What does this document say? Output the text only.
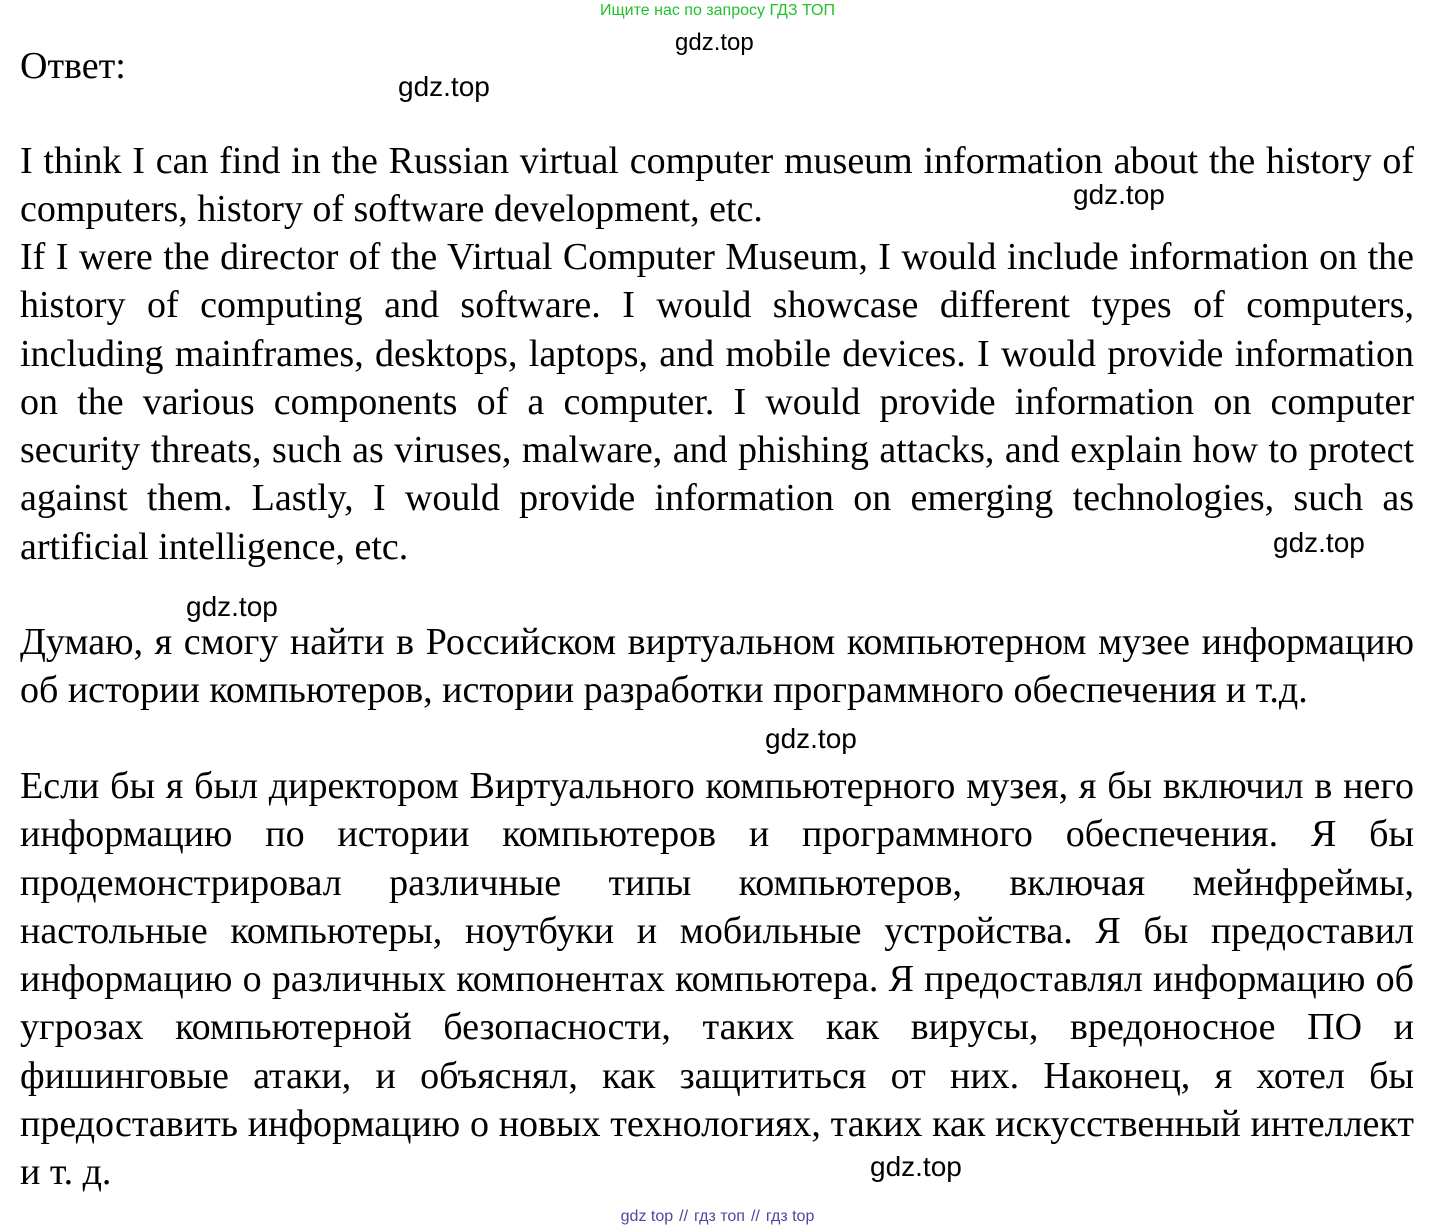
Ищите нас по запросу ГДЗ ТОП
Ответ:

I think I can find in the Russian virtual computer museum information about the history of computers, history of software development, etc.

If I were the director of the Virtual Computer Museum, I would include information on the history of computing and software. I would showcase different types of computers, including mainframes, desktops, laptops, and mobile devices. I would provide information on the various components of a computer. I would provide information on computer security threats, such as viruses, malware, and phishing attacks, and explain how to protect against them. Lastly, I would provide information on emerging technologies, such as artificial intelligence, etc.

Думаю, я смогу найти в Российском виртуальном компьютерном музее информацию об истории компьютеров, истории разработки программного обеспечения и т.д.

Если бы я был директором Виртуального компьютерного музея, я бы включил в него информацию по истории компьютеров и программного обеспечения. Я бы продемонстрировал различные типы компьютеров, включая мейнфреймы, настольные компьютеры, ноутбуки и мобильные устройства. Я бы предоставил информацию о различных компонентах компьютера. Я предоставлял информацию об угрозах компьютерной безопасности, таких как вирусы, вредоносное ПО и фишинговые атаки, и объяснял, как защититься от них. Наконец, я хотел бы предоставить информацию о новых технологиях, таких как искусственный интеллект и т. д.

gdz.top
gdz.top
gdz.top
gdz.top
gdz.top
gdz.top
gdz.top
gdz top // гдз топ // гдз top
